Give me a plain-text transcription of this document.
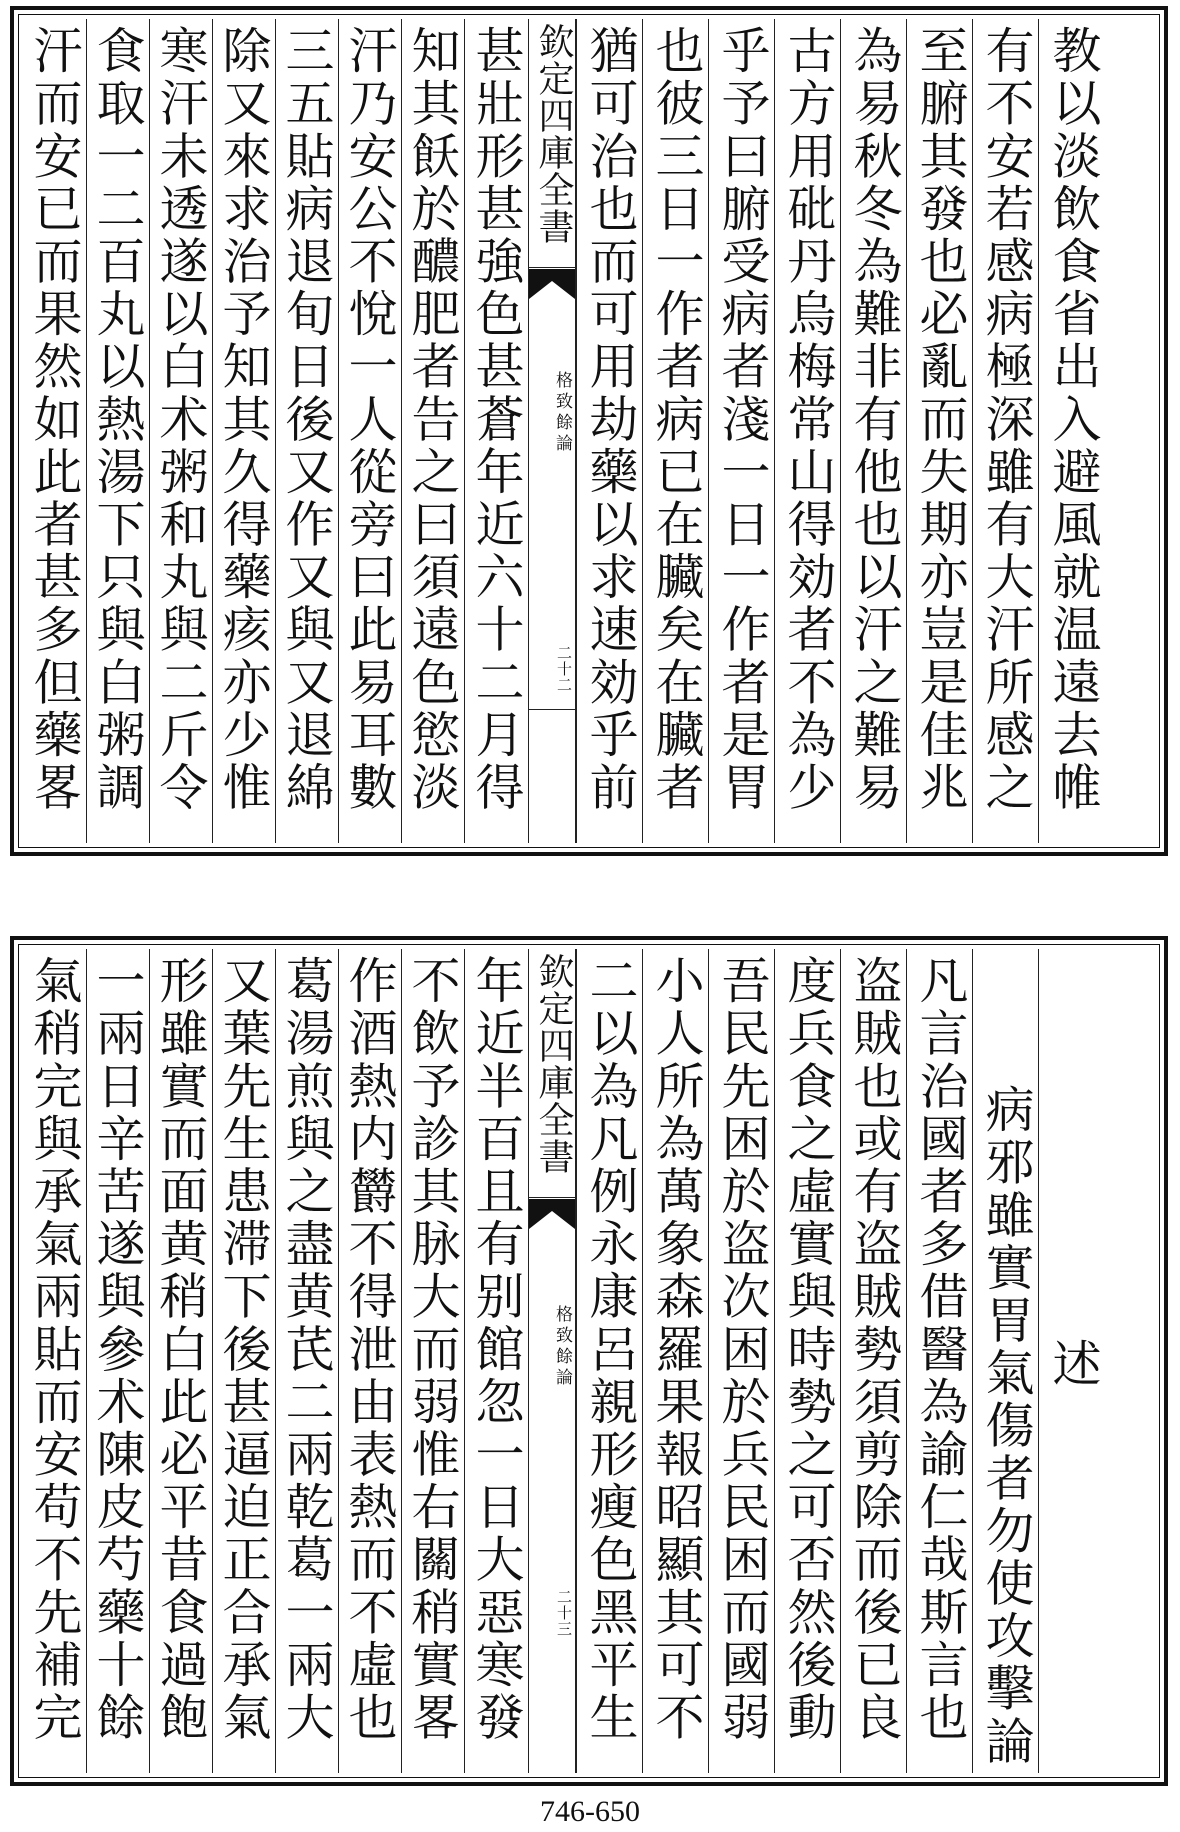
汗而安已而果然如此者甚多但藥畧
食取一二百丸以熱湯下只與白粥調
寒汗未透遂以白术粥和丸與二斤令
除又來求治予知其久得藥痎亦少惟
三五貼病退旬日後又作又與又退綿
汗乃安公不悅一人從旁曰此易耳數
知其飫於醲肥者告之曰須遠色慾淡
甚壯形甚強色甚蒼年近六十二月得
欽定四庫全書
格致餘論
二十二
猶可治也而可用劫藥以求速効乎前
也彼三日一作者病已在臟矣在臟者
乎予曰腑受病者淺一日一作者是胃
古方用砒丹烏梅常山得効者不為少
為易秋冬為難非有他也以汗之難易
至腑其發也必亂而失期亦豈是佳兆
有不安若感病極深雖有大汗所感之
教以淡飲食省出入避風就温遠去帷
氣稍完與承氣兩貼而安苟不先補完
一兩日辛苦遂與參术陳皮芍藥十餘
形雖實而面黄稍白此必平昔食過飽
又葉先生患滞下後甚逼迫正合承氣
葛湯煎與之盡黄芪二兩乾葛一兩大
作酒熱内欝不得泄由表熱而不虛也
不飲予診其脉大而弱惟右關稍實畧
年近半百且有别館忽一日大惡寒發
欽定四庫全書
格致餘論
二十三
二以為凡例永康呂親形瘦色黑平生
小人所為萬象森羅果報昭顯其可不
吾民先困於盗次困於兵民困而國弱
度兵食之虛實與時勢之可否然後動
盗賊也或有盗賊勢須剪除而後已良
凡言治國者多借醫為諭仁哉斯言也 病邪雖實胃氣傷者勿使攻擊論 述
746-650
